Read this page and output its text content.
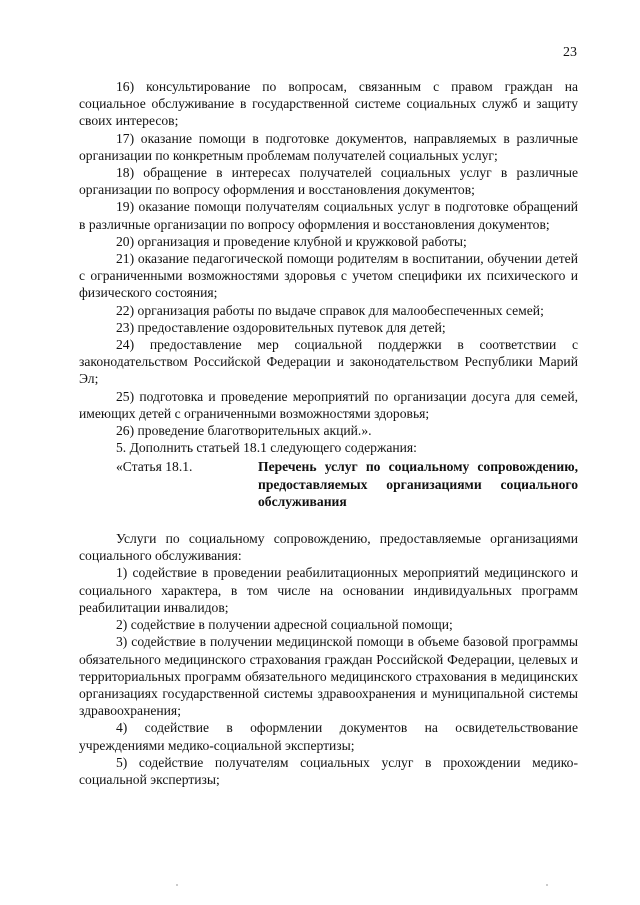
23

16) консультирование по вопросам, связанным с правом граждан на социальное обслуживание в государственной системе социальных служб и защиту своих интересов;

17) оказание помощи в подготовке документов, направляемых в различные организации по конкретным проблемам получателей социальных услуг;

18) обращение в интересах получателей социальных услуг в различные организации по вопросу оформления и восстановления документов;

19) оказание помощи получателям социальных услуг в подготовке обращений в различные организации по вопросу оформления и восстановления документов;

20) организация и проведение клубной и кружковой работы;

21) оказание педагогической помощи родителям в воспитании, обучении детей с ограниченными возможностями здоровья с учетом специфики их психического и физического состояния;

22) организация работы по выдаче справок для малообеспеченных семей;

23) предоставление оздоровительных путевок для детей;

24) предоставление мер социальной поддержки в соответствии с законодательством Российской Федерации и законодательством Республики Марий Эл;

25) подготовка и проведение мероприятий по организации досуга для семей, имеющих детей с ограниченными возможностями здоровья;

26) проведение благотворительных акций.».

5. Дополнить статьей 18.1 следующего содержания:

«Статья 18.1.	Перечень услуг по социальному сопровождению, предоставляемых организациями социального обслуживания

Услуги по социальному сопровождению, предоставляемые организациями социального обслуживания:

1) содействие в проведении реабилитационных мероприятий медицинского и социального характера, в том числе на основании индивидуальных программ реабилитации инвалидов;

2) содействие в получении адресной социальной помощи;

3) содействие в получении медицинской помощи в объеме базовой программы обязательного медицинского страхования граждан Российской Федерации, целевых и территориальных программ обязательного медицинского страхования в медицинских организациях государственной системы здравоохранения и муниципальной системы здравоохранения;

4) содействие в оформлении документов на освидетельствование учреждениями медико-социальной экспертизы;

5) содействие получателям социальных услуг в прохождении медико-социальной экспертизы;
